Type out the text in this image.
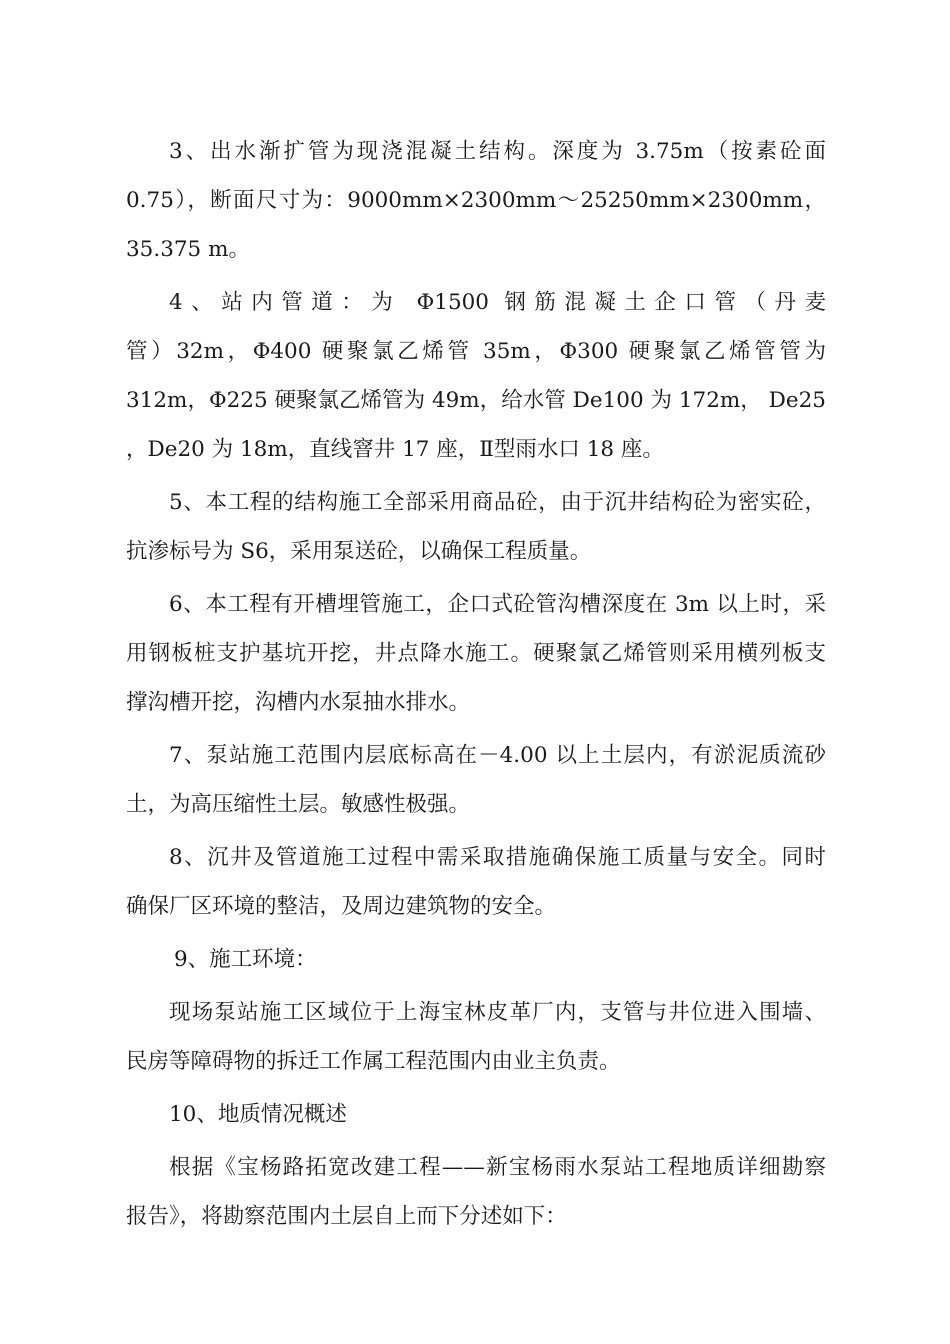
3、出水渐扩管为现浇混凝土结构。深度为 3.75m（按素砼面
0.75），断面尺寸为：9000mm×2300mm～25250mm×2300mm，
35.375 m。
4、站内管道：为 Φ1500 钢筋混凝土企口管（丹麦
管）32m，Φ400 硬聚氯乙烯管 35m，Φ300 硬聚氯乙烯管管为
312m，Φ225 硬聚氯乙烯管为 49m，给水管 De100 为 172m， De25
，De20 为 18m，直线窨井 17 座，Ⅱ型雨水口 18 座。
5、本工程的结构施工全部采用商品砼，由于沉井结构砼为密实砼，
抗渗标号为 S6，采用泵送砼，以确保工程质量。
6、本工程有开槽埋管施工，企口式砼管沟槽深度在 3m 以上时，采
用钢板桩支护基坑开挖，井点降水施工。硬聚氯乙烯管则采用横列板支
撑沟槽开挖，沟槽内水泵抽水排水。
7、泵站施工范围内层底标高在－4.00 以上土层内，有淤泥质流砂
土，为高压缩性土层。敏感性极强。
8、沉井及管道施工过程中需采取措施确保施工质量与安全。同时
确保厂区环境的整洁，及周边建筑物的安全。
9、施工环境：
现场泵站施工区域位于上海宝林皮革厂内，支管与井位进入围墙、
民房等障碍物的拆迁工作属工程范围内由业主负责。
10、地质情况概述
根据《宝杨路拓宽改建工程——新宝杨雨水泵站工程地质详细勘察
报告》，将勘察范围内土层自上而下分述如下：
